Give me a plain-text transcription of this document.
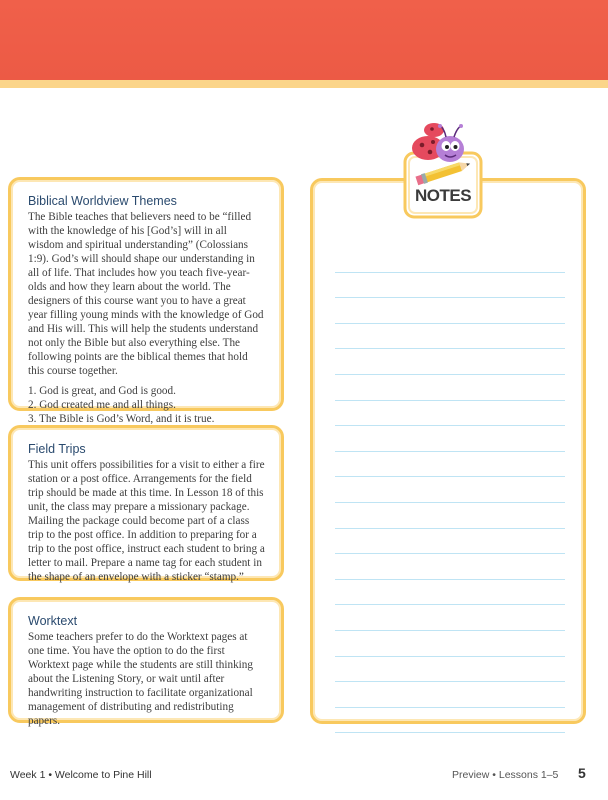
Biblical Worldview Themes

The Bible teaches that believers need to be “filled with the knowledge of his [God’s] will in all wisdom and spiritual understanding” (Colossians 1:9). God’s will should shape our understanding in all of life. That includes how you teach five-year-olds and how they learn about the world. The designers of this course want you to have a great year filling young minds with the knowledge of God and His will. This will help the students understand not only the Bible but also everything else. The following points are the biblical themes that hold this course together.

1. God is great, and God is good.
2. God created me and all things.
3. The Bible is God’s Word, and it is true.
Field Trips

This unit offers possibilities for a visit to either a fire station or a post office. Arrangements for the field trip should be made at this time. In Lesson 18 of this unit, the class may prepare a missionary package. Mailing the package could become part of a class trip to the post office. In addition to preparing for a trip to the post office, instruct each student to bring a letter to mail. Prepare a name tag for each student in the shape of an envelope with a sticker “stamp.”

Worktext

Some teachers prefer to do the Worktext pages at one time. You have the option to do the first Worktext page while the students are still thinking about the Listening Story, or wait until after handwriting instruction to facilitate organizational management of distributing and redistributing papers.

NOTES
Week 1 • Welcome to Pine Hill	Preview • Lessons 1–5 5
